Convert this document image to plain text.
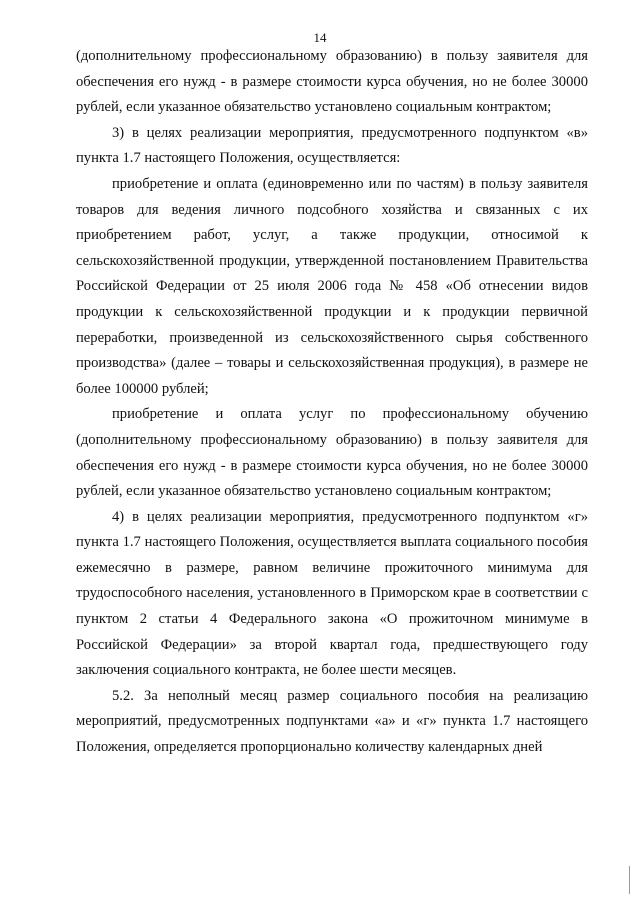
14

(дополнительному профессиональному образованию) в пользу заявителя для обеспечения его нужд - в размере стоимости курса обучения, но не более 30000 рублей, если указанное обязательство установлено социальным контрактом;

3) в целях реализации мероприятия, предусмотренного подпунктом «в» пункта 1.7 настоящего Положения, осуществляется:

приобретение и оплата (единовременно или по частям) в пользу заявителя товаров для ведения личного подсобного хозяйства и связанных с их приобретением работ, услуг, а также продукции, относимой к сельскохозяйственной продукции, утвержденной постановлением Правительства Российской Федерации от 25 июля 2006 года № 458 «Об отнесении видов продукции к сельскохозяйственной продукции и к продукции первичной переработки, произведенной из сельскохозяйственного сырья собственного производства» (далее – товары и сельскохозяйственная продукция), в размере не более 100000 рублей;

приобретение и оплата услуг по профессиональному обучению (дополнительному профессиональному образованию) в пользу заявителя для обеспечения его нужд - в размере стоимости курса обучения, но не более 30000 рублей, если указанное обязательство установлено социальным контрактом;

4) в целях реализации мероприятия, предусмотренного подпунктом «г» пункта 1.7 настоящего Положения, осуществляется выплата социального пособия ежемесячно в размере, равном величине прожиточного минимума для трудоспособного населения, установленного в Приморском крае в соответствии с пунктом 2 статьи 4 Федерального закона «О прожиточном минимуме в Российской Федерации» за второй квартал года, предшествующего году заключения социального контракта, не более шести месяцев.

5.2. За неполный месяц размер социального пособия на реализацию мероприятий, предусмотренных подпунктами «а» и «г» пункта 1.7 настоящего Положения, определяется пропорционально количеству календарных дней
